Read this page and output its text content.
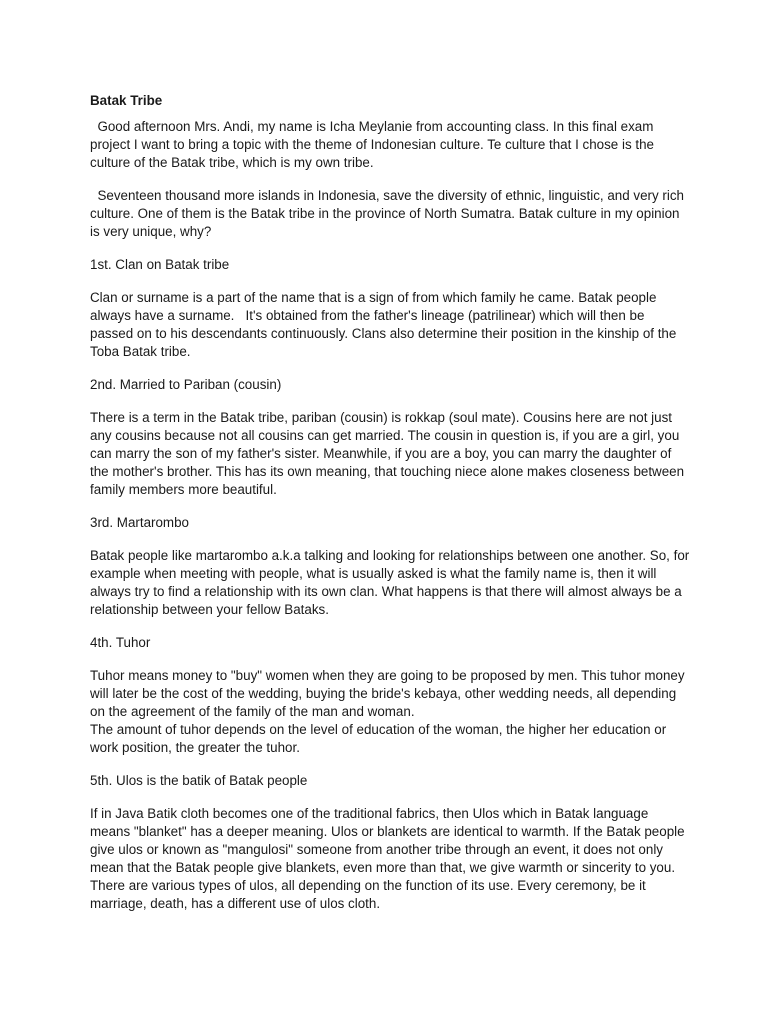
Batak Tribe

Good afternoon Mrs. Andi, my name is Icha Meylanie from accounting class. In this final exam project I want to bring a topic with the theme of Indonesian culture. Te culture that I chose is the culture of the Batak tribe, which is my own tribe.

Seventeen thousand more islands in Indonesia, save the diversity of ethnic, linguistic, and very rich culture. One of them is the Batak tribe in the province of North Sumatra. Batak culture in my opinion is very unique, why?

1st. Clan on Batak tribe

Clan or surname is a part of the name that is a sign of from which family he came. Batak people always have a surname.   It's obtained from the father's lineage (patrilinear) which will then be passed on to his descendants continuously. Clans also determine their position in the kinship of the Toba Batak tribe.

2nd. Married to Pariban (cousin)

There is a term in the Batak tribe, pariban (cousin) is rokkap (soul mate). Cousins here are not just any cousins because not all cousins can get married. The cousin in question is, if you are a girl, you can marry the son of my father's sister. Meanwhile, if you are a boy, you can marry the daughter of the mother's brother. This has its own meaning, that touching niece alone makes closeness between family members more beautiful.

3rd. Martarombo

Batak people like martarombo a.k.a talking and looking for relationships between one another. So, for example when meeting with people, what is usually asked is what the family name is, then it will always try to find a relationship with its own clan. What happens is that there will almost always be a relationship between your fellow Bataks.

4th. Tuhor

Tuhor means money to "buy" women when they are going to be proposed by men. This tuhor money will later be the cost of the wedding, buying the bride's kebaya, other wedding needs, all depending on the agreement of the family of the man and woman.

The amount of tuhor depends on the level of education of the woman, the higher her education or work position, the greater the tuhor.

5th. Ulos is the batik of Batak people

If in Java Batik cloth becomes one of the traditional fabrics, then Ulos which in Batak language means "blanket" has a deeper meaning. Ulos or blankets are identical to warmth. If the Batak people give ulos or known as "mangulosi" someone from another tribe through an event, it does not only mean that the Batak people give blankets, even more than that, we give warmth or sincerity to you. There are various types of ulos, all depending on the function of its use. Every ceremony, be it marriage, death, has a different use of ulos cloth.
